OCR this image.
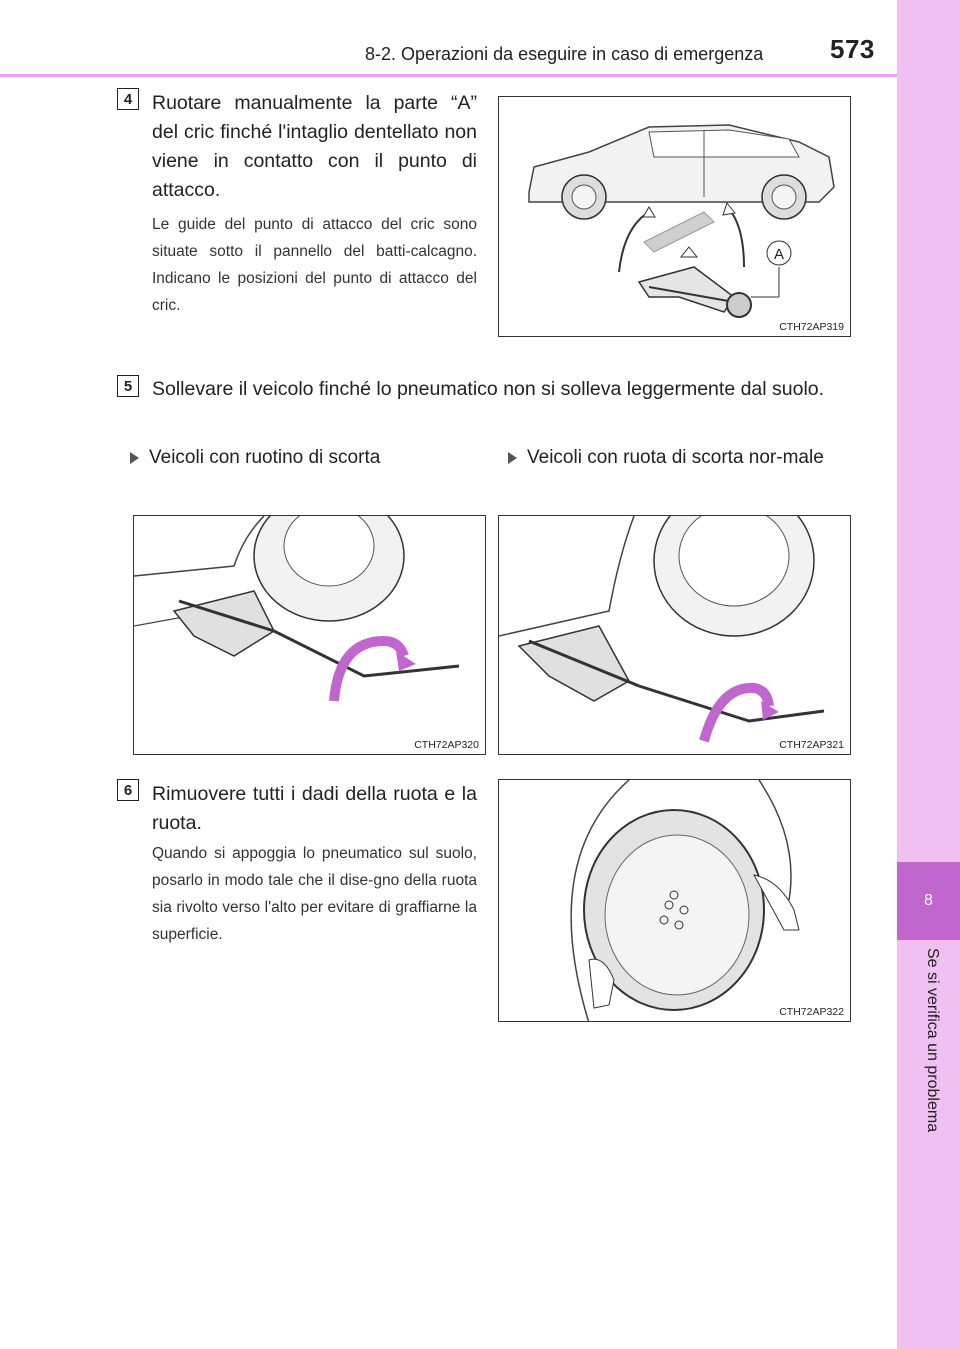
8-2. Operazioni da eseguire in caso di emergenza	573
8
Se si verifica un problema
4	Ruotare manualmente la parte “A” del cric finché l'intaglio dentellato non viene in contatto con il punto di attacco.
Le guide del punto di attacco del cric sono situate sotto il pannello del batti-calcagno. Indicano le posizioni del punto di attacco del cric.
A
CTH72AP319
5	Sollevare il veicolo finché lo pneumatico non si solleva leggermente dal suolo.
Veicoli con ruotino di scorta	Veicoli con ruota di scorta nor-male
CTH72AP320	CTH72AP321
6	Rimuovere tutti i dadi della ruota e la ruota.
Quando si appoggia lo pneumatico sul suolo, posarlo in modo tale che il dise-gno della ruota sia rivolto verso l'alto per evitare di graffiarne la superficie.
CTH72AP322
